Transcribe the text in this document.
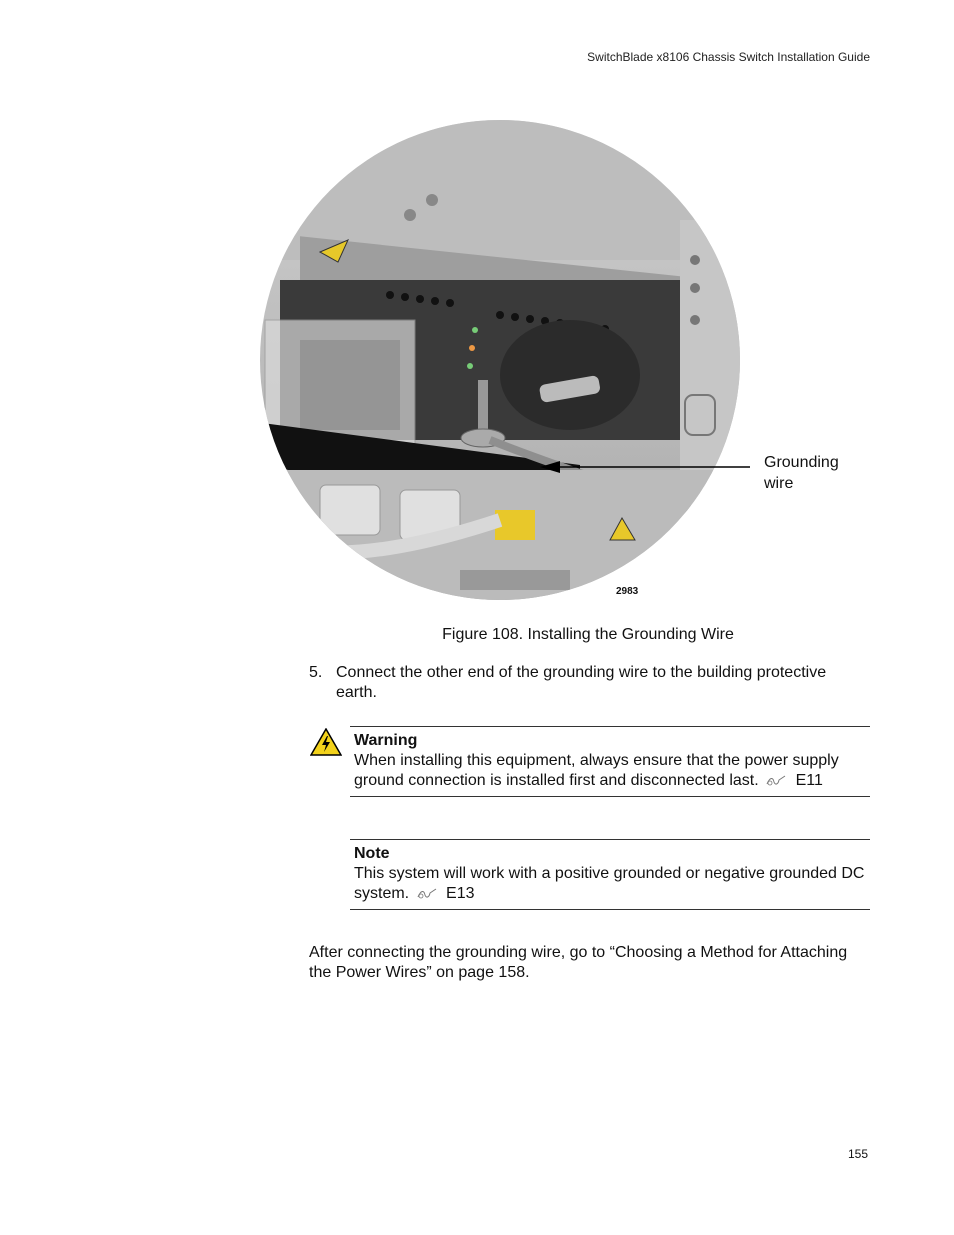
SwitchBlade x8106 Chassis Switch Installation Guide
2983
Grounding
wire
Figure 108. Installing the Grounding Wire
5. Connect the other end of the grounding wire to the building protective earth.
Warning
When installing this equipment, always ensure that the power supply ground connection is installed first and disconnected last. E11
Note
This system will work with a positive grounded or negative grounded DC system. E13
After connecting the grounding wire, go to “Choosing a Method for Attaching the Power Wires” on page 158.
155
